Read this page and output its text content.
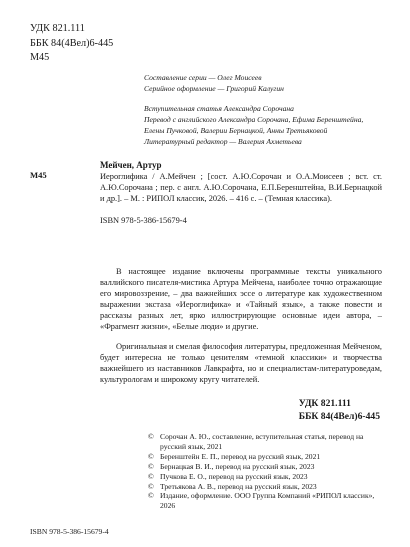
УДК 821.111
ББК 84(4Вел)6-445
М45
Составление серии — Олег Моисеев
Серийное оформление — Григорий Калугин
Вступительная статья Александра Сорочана
Перевод с английского Александра Сорочана, Ефима Беренштейна,
Елены Пучковой, Валерии Бернацкой, Анны Третьяковой
Литературный редактор — Валерия Ахметьева
М45
Мейчен, Артур
Иероглифика / А.Мейчен ; [сост. А.Ю.Сорочан и О.А.Моисеев ; вст. ст. А.Ю.Сорочана ; пер. с англ. А.Ю.Сорочана, Е.П.Беренштейна, В.И.Бернацкой и др.]. – М. : РИПОЛ классик, 2026. – 416 с. – (Темная классика).
ISBN 978-5-386-15679-4

В настоящее издание включены программные тексты уникального валлийского писателя-мистика Артура Мейчена, наиболее точно отражающие его мировоззрение, – два важнейших эссе о литературе как художественном выражении экстаза «Иероглифика» и «Тайный язык», а также повести и рассказы разных лет, ярко иллюстрирующие основные идеи автора, – «Фрагмент жизни», «Белые люди» и другие.

Оригинальная и смелая философия литературы, предложенная Мейченом, будет интересна не только ценителям «темной классики» и творчества важнейшего из наставников Лавкрафта, но и специалистам-литературоведам, культурологам и широкому кругу читателей.

УДК 821.111
ББК 84(4Вел)6-445
© Сорочан А. Ю., составление, вступительная статья, перевод на русский язык, 2021
© Беренштейн Е. П., перевод на русский язык, 2021
© Бернацкая В. И., перевод на русский язык, 2023
© Пучкова Е. О., перевод на русский язык, 2023
© Третьякова А. В., перевод на русский язык, 2023
© Издание, оформление. ООО Группа Компаний «РИПОЛ классик», 2026
ISBN 978-5-386-15679-4
